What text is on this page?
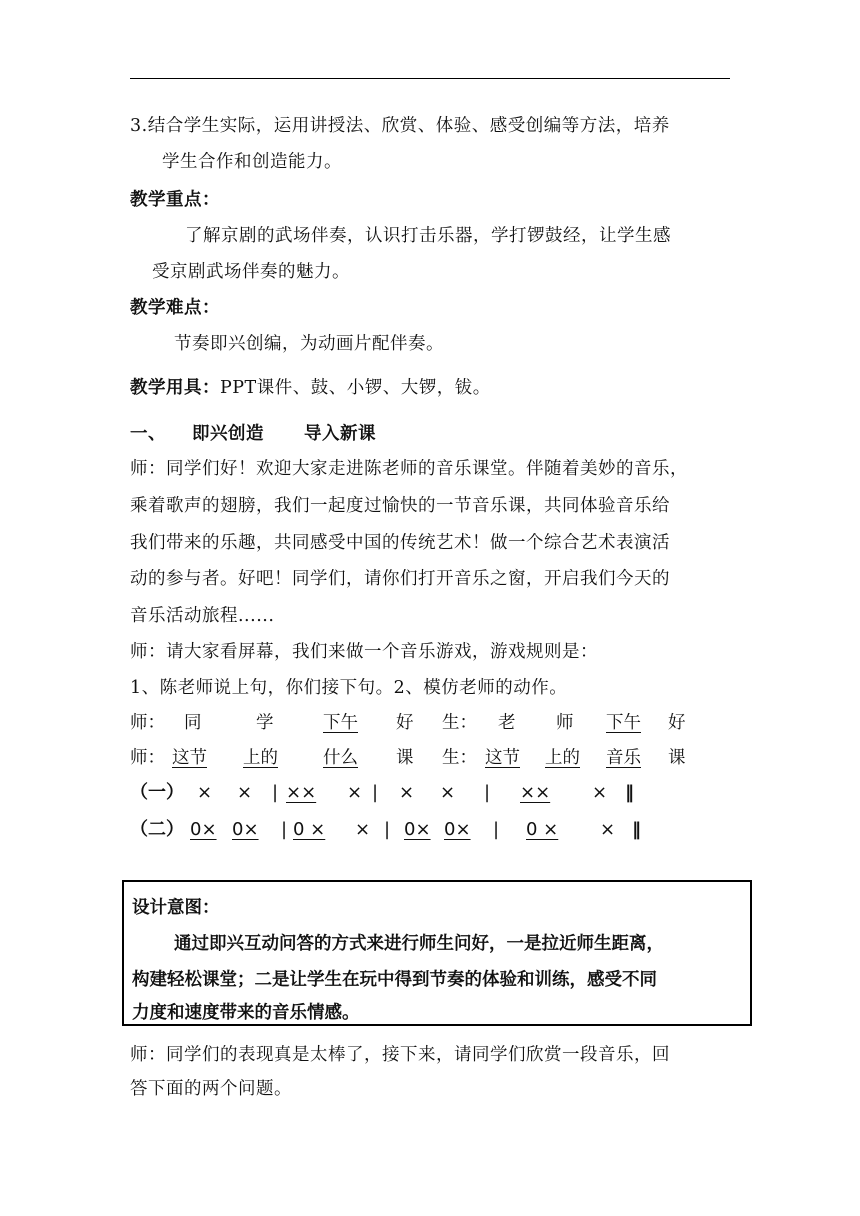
3.结合学生实际，运用讲授法、欣赏、体验、感受创编等方法，培养
学生合作和创造能力。
教学重点：
了解京剧的武场伴奏，认识打击乐器，学打锣鼓经，让学生感
受京剧武场伴奏的魅力。
教学难点：
节奏即兴创编，为动画片配伴奏。
教学用具：PPT课件、鼓、小锣、大锣，钹。
一、 即兴创造 导入新课
师：同学们好！欢迎大家走进陈老师的音乐课堂。伴随着美妙的音乐，
乘着歌声的翅膀，我们一起度过愉快的一节音乐课，共同体验音乐给
我们带来的乐趣，共同感受中国的传统艺术！做一个综合艺术表演活
动的参与者。好吧！同学们，请你们打开音乐之窗，开启我们今天的
音乐活动旅程......
师：请大家看屏幕，我们来做一个音乐游戏，游戏规则是：
1、陈老师说上句，你们接下句。2、模仿老师的动作。
师： 同	学	下午 好 生： 老 师 下午 好
师： 这节 上的	什么 课 生： 这节 上的 音乐 课
（一） × × | ×× × | × × | ×× × ‖
（二） 0× 0× | 0 × × | 0× 0× | 0 × × ‖
设计意图：
通过即兴互动问答的方式来进行师生问好，一是拉近师生距离，
构建轻松课堂；二是让学生在玩中得到节奏的体验和训练，感受不同
力度和速度带来的音乐情感。
师：同学们的表现真是太棒了，接下来，请同学们欣赏一段音乐，回
答下面的两个问题。
